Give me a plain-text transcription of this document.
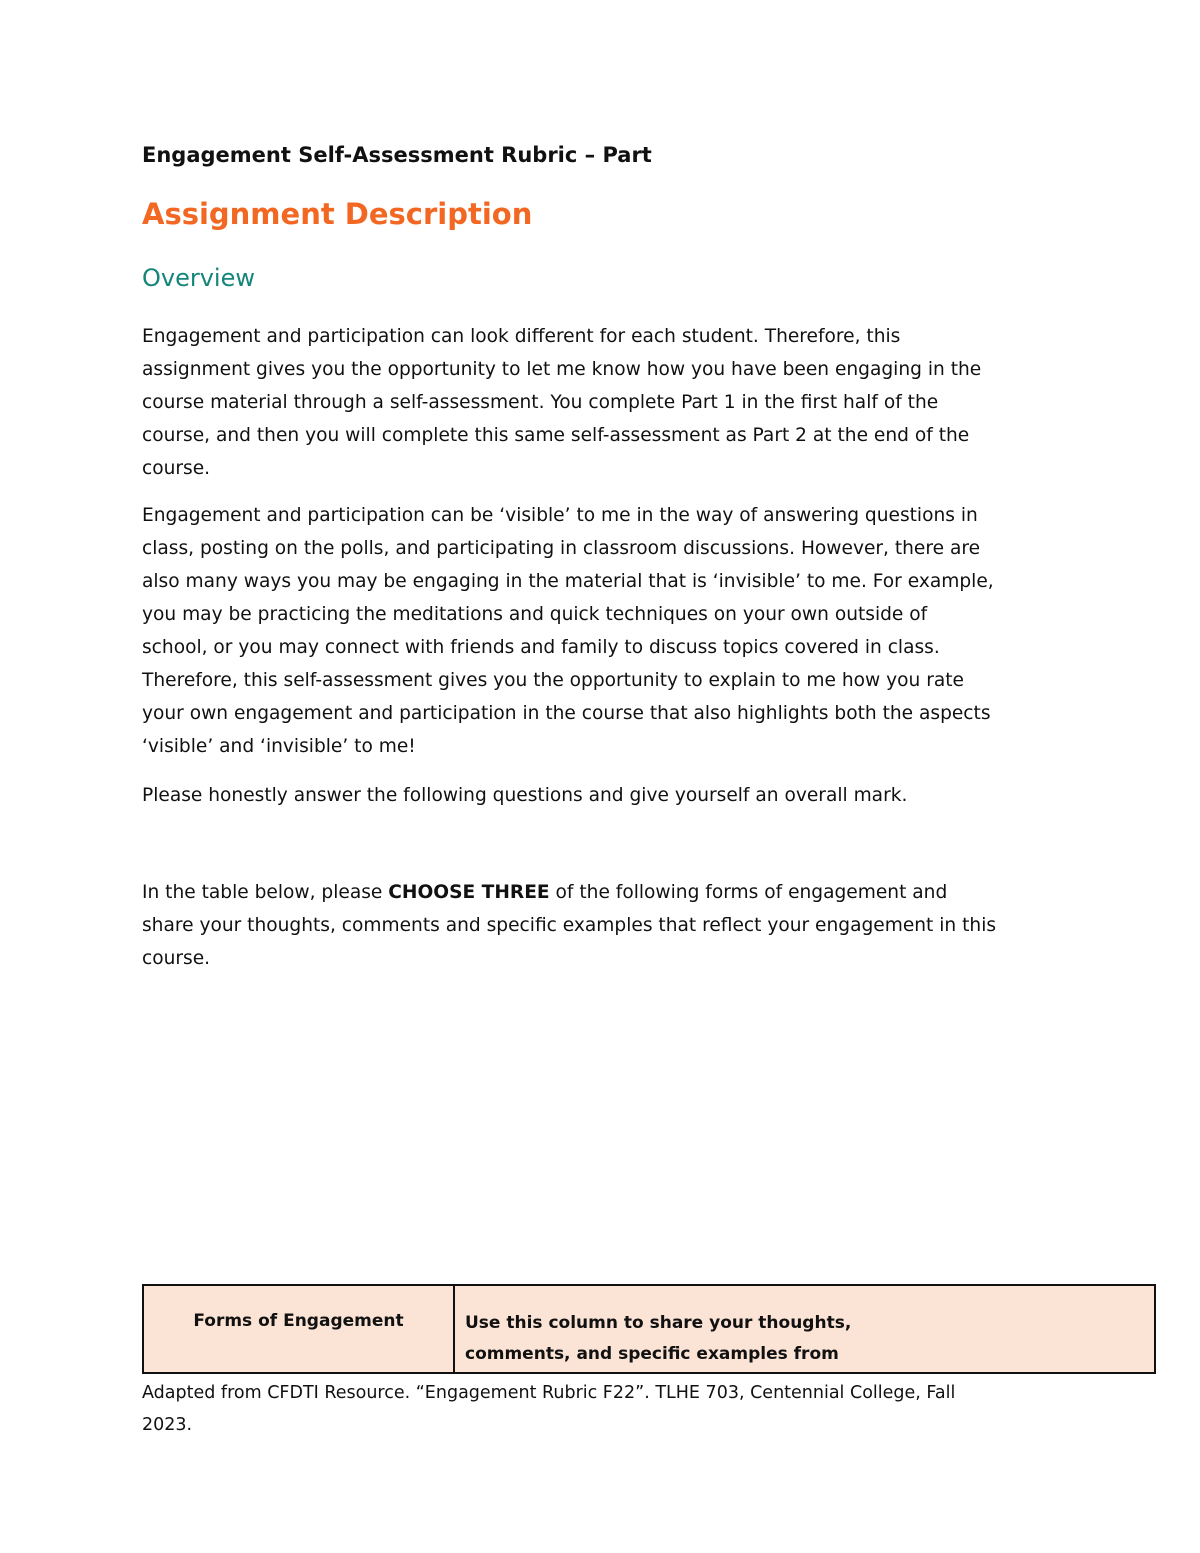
Engagement Self-Assessment Rubric – Part
Assignment Description
Overview
Engagement and participation can look different for each student. Therefore, this
assignment gives you the opportunity to let me know how you have been engaging in the
course material through a self-assessment. You complete Part 1 in the first half of the
course, and then you will complete this same self-assessment as Part 2 at the end of the
course.
Engagement and participation can be ‘visible’ to me in the way of answering questions in
class, posting on the polls, and participating in classroom discussions. However, there are
also many ways you may be engaging in the material that is ‘invisible’ to me. For example,
you may be practicing the meditations and quick techniques on your own outside of
school, or you may connect with friends and family to discuss topics covered in class.
Therefore, this self-assessment gives you the opportunity to explain to me how you rate
your own engagement and participation in the course that also highlights both the aspects
‘visible’ and ‘invisible’ to me!
Please honestly answer the following questions and give yourself an overall mark.
In the table below, please CHOOSE THREE of the following forms of engagement and
share your thoughts, comments and specific examples that reflect your engagement in this
course.
Forms of Engagement	Use this column to share your thoughts,
comments, and specific examples from
Adapted from CFDTI Resource. “Engagement Rubric F22”. TLHE 703, Centennial College, Fall
2023.
